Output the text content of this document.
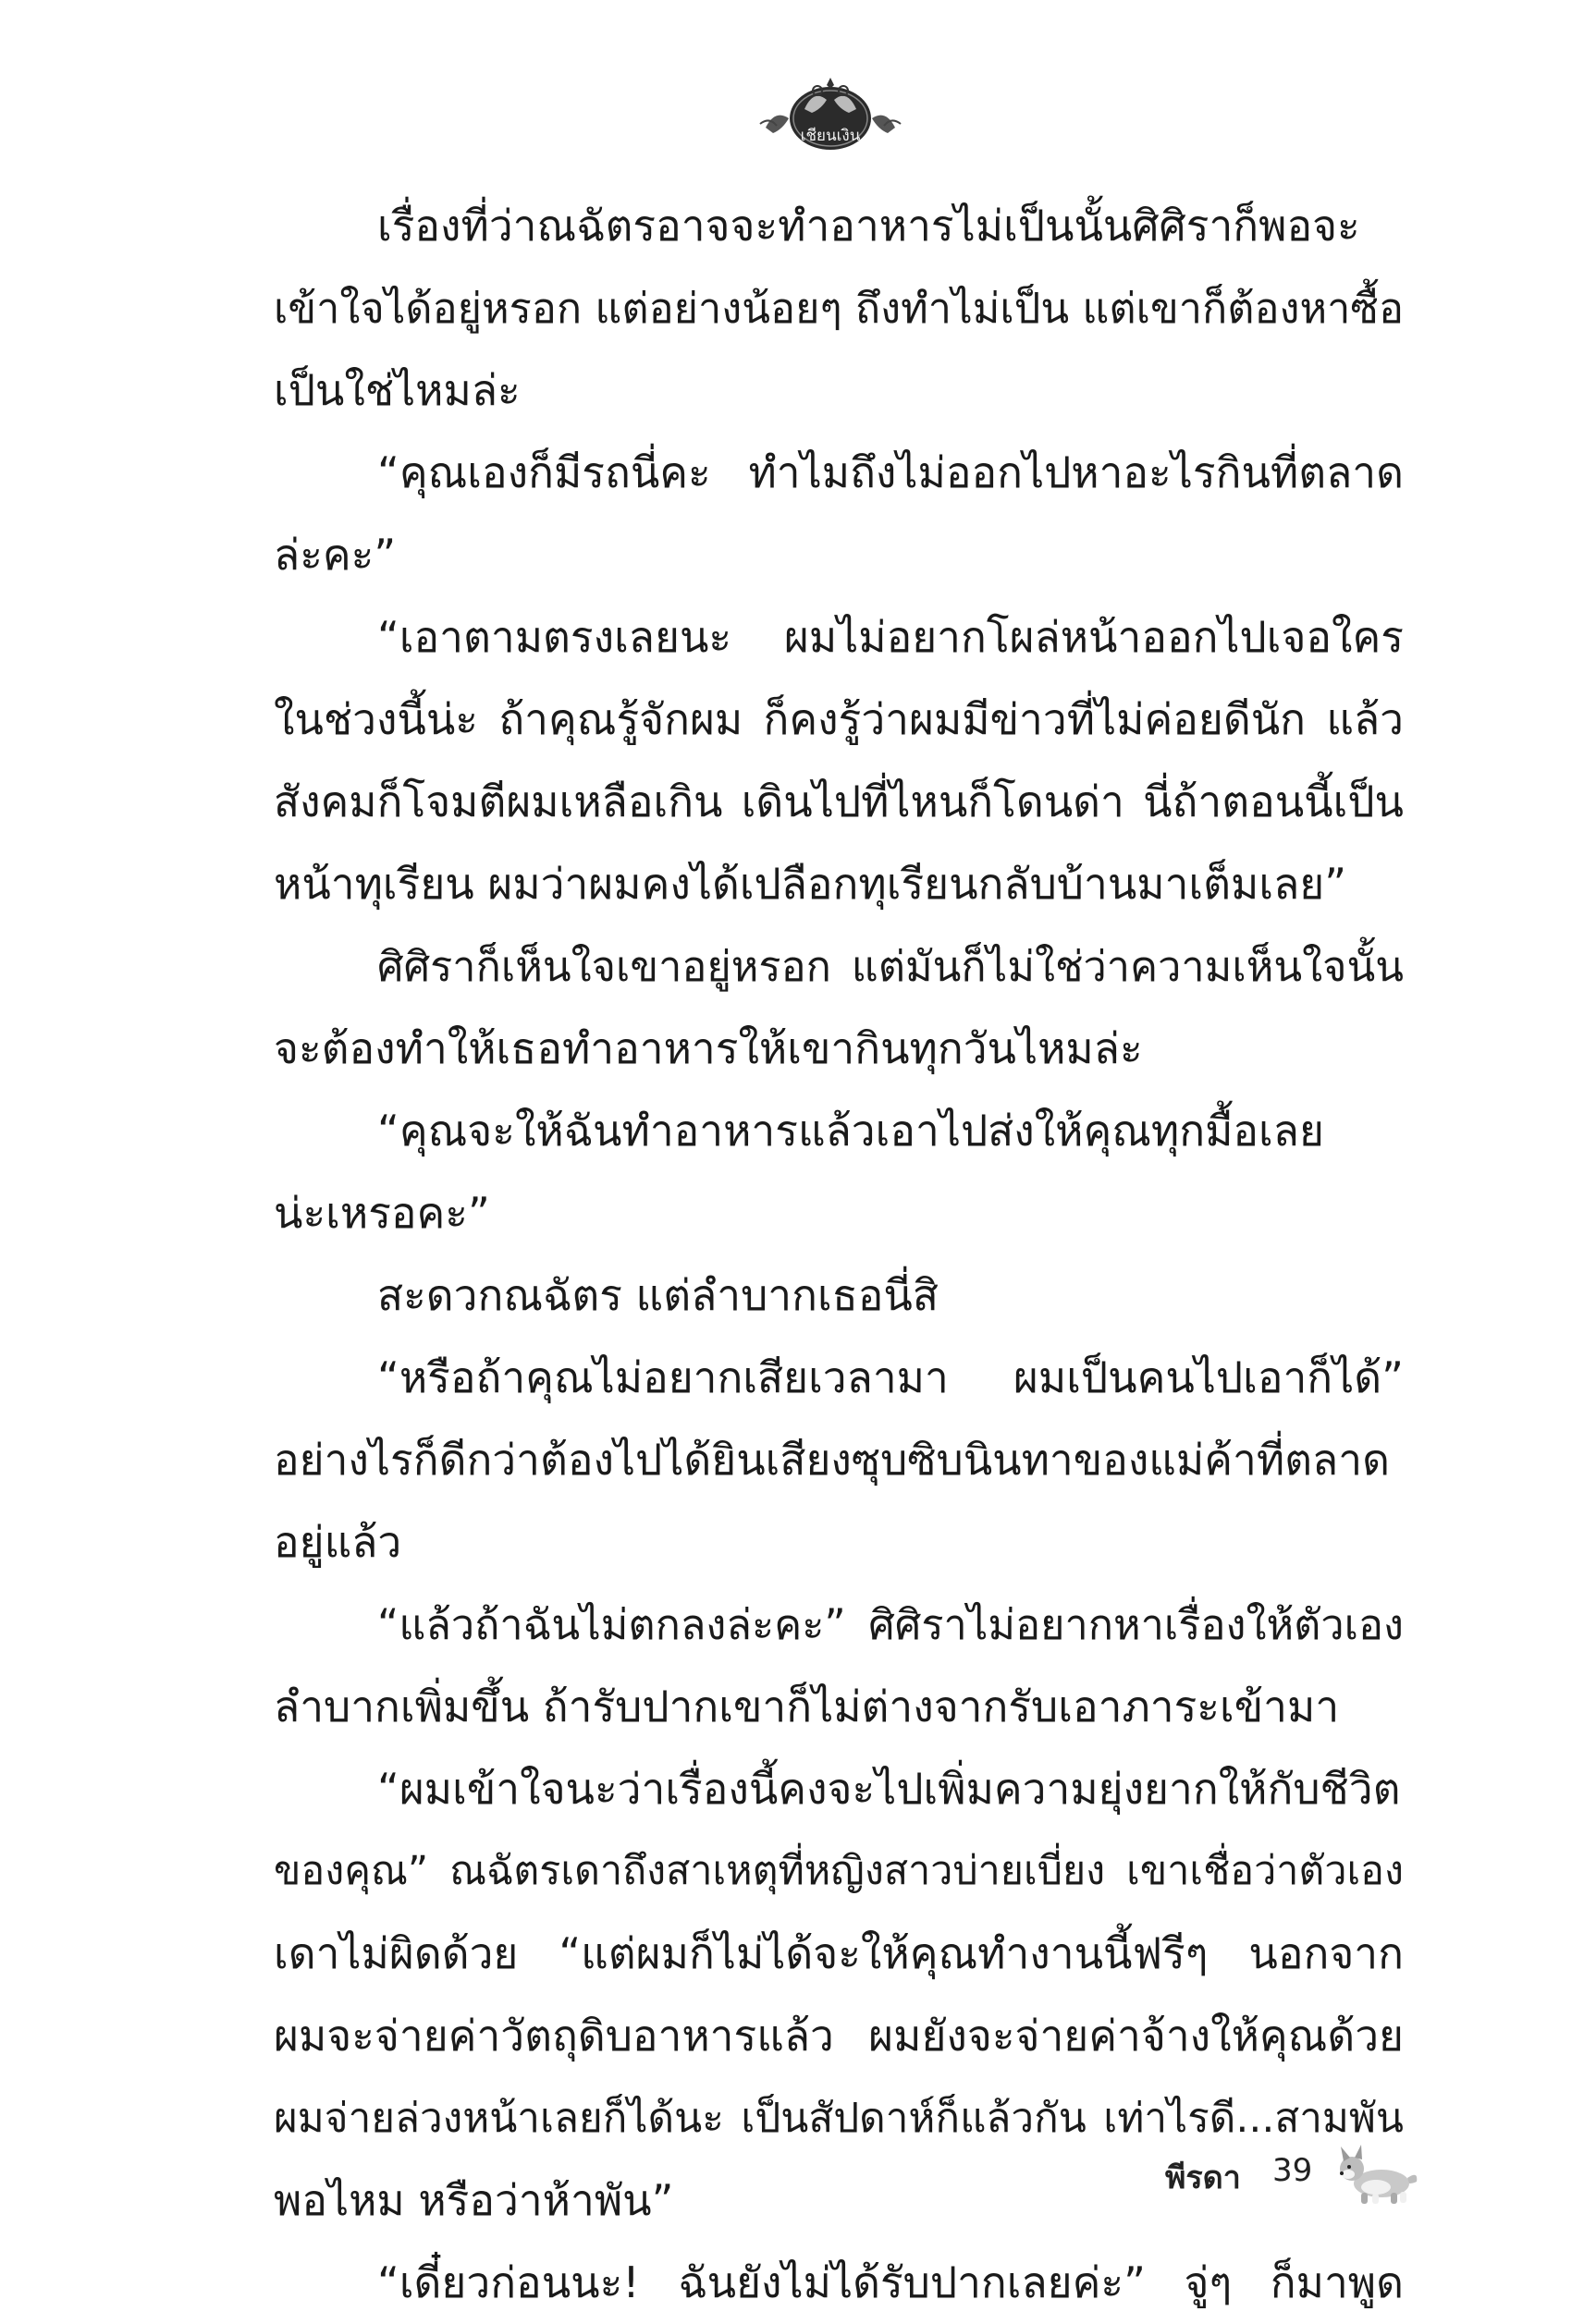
เชียนเงิน
เรื่องที่ว่าณฉัตรอาจจะทำอาหารไม่เป็นนั้นศิศิราก็พอจะ
เข้าใจได้อยู่หรอก แต่อย่างน้อยๆ ถึงทำไม่เป็น แต่เขาก็ต้องหาซื้อ
เป็นใช่ไหมล่ะ
“คุณเองก็มีรถนี่คะ ทำไมถึงไม่ออกไปหาอะไรกินที่ตลาด
ล่ะคะ”
“เอาตามตรงเลยนะ ผมไม่อยากโผล่หน้าออกไปเจอใคร
ในช่วงนี้น่ะ ถ้าคุณรู้จักผม ก็คงรู้ว่าผมมีข่าวที่ไม่ค่อยดีนัก แล้ว
สังคมก็โจมตีผมเหลือเกิน เดินไปที่ไหนก็โดนด่า นี่ถ้าตอนนี้เป็น
หน้าทุเรียน ผมว่าผมคงได้เปลือกทุเรียนกลับบ้านมาเต็มเลย”
ศิศิราก็เห็นใจเขาอยู่หรอก แต่มันก็ไม่ใช่ว่าความเห็นใจนั้น
จะต้องทำให้เธอทำอาหารให้เขากินทุกวันไหมล่ะ
“คุณจะให้ฉันทำอาหารแล้วเอาไปส่งให้คุณทุกมื้อเลย
น่ะเหรอคะ”
สะดวกณฉัตร แต่ลำบากเธอนี่สิ
“หรือถ้าคุณไม่อยากเสียเวลามา ผมเป็นคนไปเอาก็ได้”
อย่างไรก็ดีกว่าต้องไปได้ยินเสียงซุบซิบนินทาของแม่ค้าที่ตลาด
อยู่แล้ว
“แล้วถ้าฉันไม่ตกลงล่ะคะ” ศิศิราไม่อยากหาเรื่องให้ตัวเอง
ลำบากเพิ่มขึ้น ถ้ารับปากเขาก็ไม่ต่างจากรับเอาภาระเข้ามา
“ผมเข้าใจนะว่าเรื่องนี้คงจะไปเพิ่มความยุ่งยากให้กับชีวิต
ของคุณ” ณฉัตรเดาถึงสาเหตุที่หญิงสาวบ่ายเบี่ยง เขาเชื่อว่าตัวเอง
เดาไม่ผิดด้วย “แต่ผมก็ไม่ได้จะให้คุณทำงานนี้ฟรีๆ นอกจาก
ผมจะจ่ายค่าวัตถุดิบอาหารแล้ว ผมยังจะจ่ายค่าจ้างให้คุณด้วย
ผมจ่ายล่วงหน้าเลยก็ได้นะ เป็นสัปดาห์ก็แล้วกัน เท่าไรดี...สามพัน
พอไหม หรือว่าห้าพัน”
“เดี๋ยวก่อนนะ! ฉันยังไม่ได้รับปากเลยค่ะ” จู่ๆ ก็มาพูด
พีรดา 39
